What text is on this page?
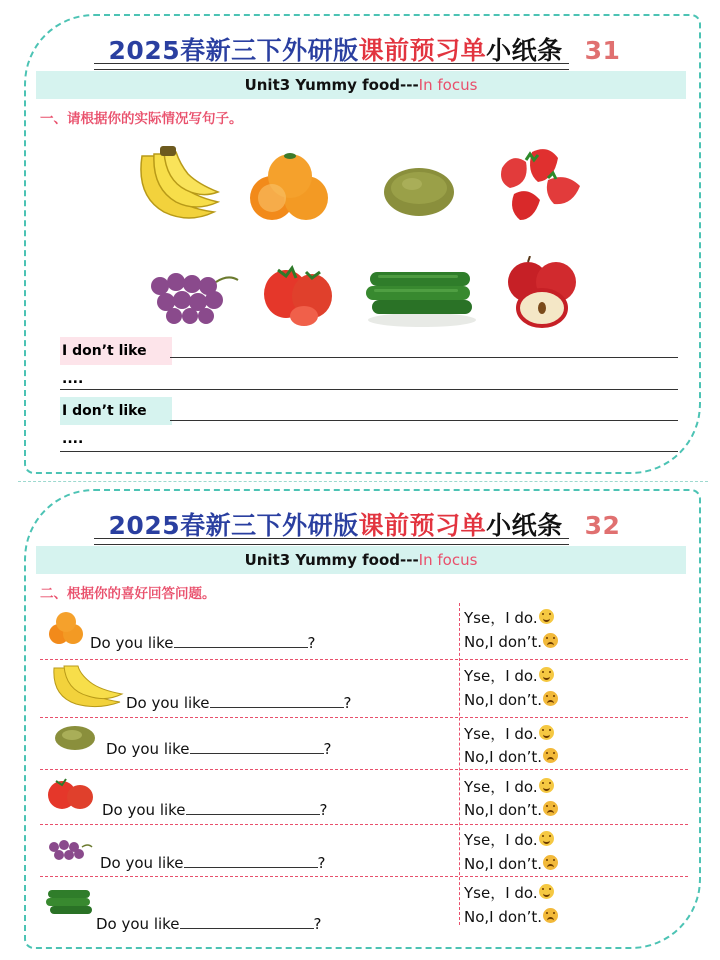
2025春新三下外研版课前预习单小纸条 31
Unit3 Yummy food---In focus
一、请根据你的实际情况写句子。
I don’t like ....
I don’t like ....
2025春新三下外研版课前预习单小纸条 32
Unit3 Yummy food---In focus
二、根据你的喜好回答问题。
Do you like	?
Yse，I do.
No,I don’t.
Do you like	?
Yse，I do.
No,I don’t.
Do you like	?
Yse，I do.
No,I don’t.
Do you like	?
Yse，I do.
No,I don’t.
Do you like	?
Yse，I do.
No,I don’t.
Do you like	?
Yse，I do.
No,I don’t.
